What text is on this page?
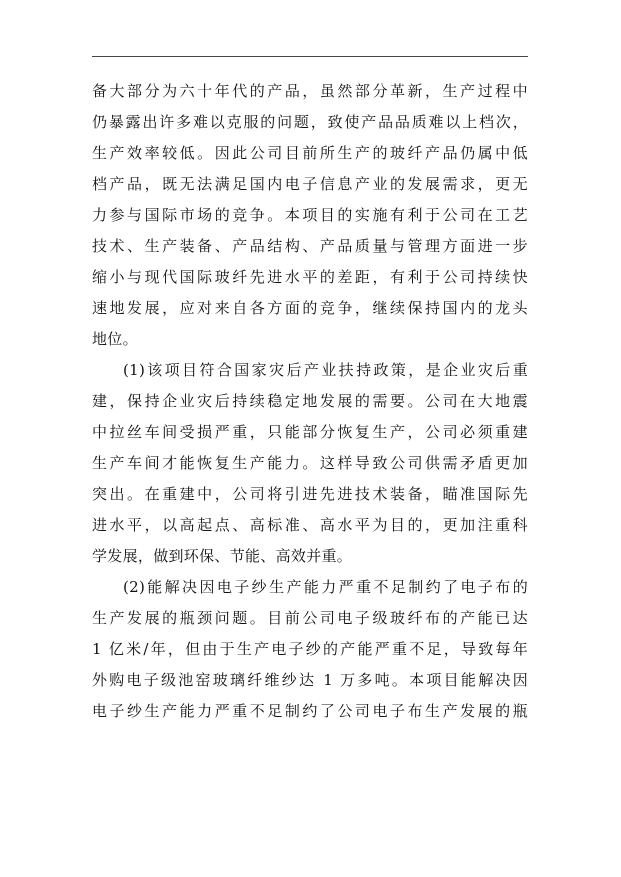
备大部分为六十年代的产品，虽然部分革新，生产过程中
仍暴露出许多难以克服的问题，致使产品品质难以上档次，
生产效率较低。因此公司目前所生产的玻纤产品仍属中低
档产品，既无法满足国内电子信息产业的发展需求，更无
力参与国际市场的竞争。本项目的实施有利于公司在工艺
技术、生产装备、产品结构、产品质量与管理方面进一步
缩小与现代国际玻纤先进水平的差距，有利于公司持续快
速地发展，应对来自各方面的竞争，继续保持国内的龙头
地位。
(1)该项目符合国家灾后产业扶持政策，是企业灾后重
建，保持企业灾后持续稳定地发展的需要。公司在大地震
中拉丝车间受损严重，只能部分恢复生产，公司必须重建
生产车间才能恢复生产能力。这样导致公司供需矛盾更加
突出。在重建中，公司将引进先进技术装备，瞄准国际先
进水平，以高起点、高标准、高水平为目的，更加注重科
学发展，做到环保、节能、高效并重。
(2)能解决因电子纱生产能力严重不足制约了电子布的
生产发展的瓶颈问题。目前公司电子级玻纤布的产能已达
1 亿米/年，但由于生产电子纱的产能严重不足，导致每年
外购电子级池窑玻璃纤维纱达 1 万多吨。本项目能解决因
电子纱生产能力严重不足制约了公司电子布生产发展的瓶
